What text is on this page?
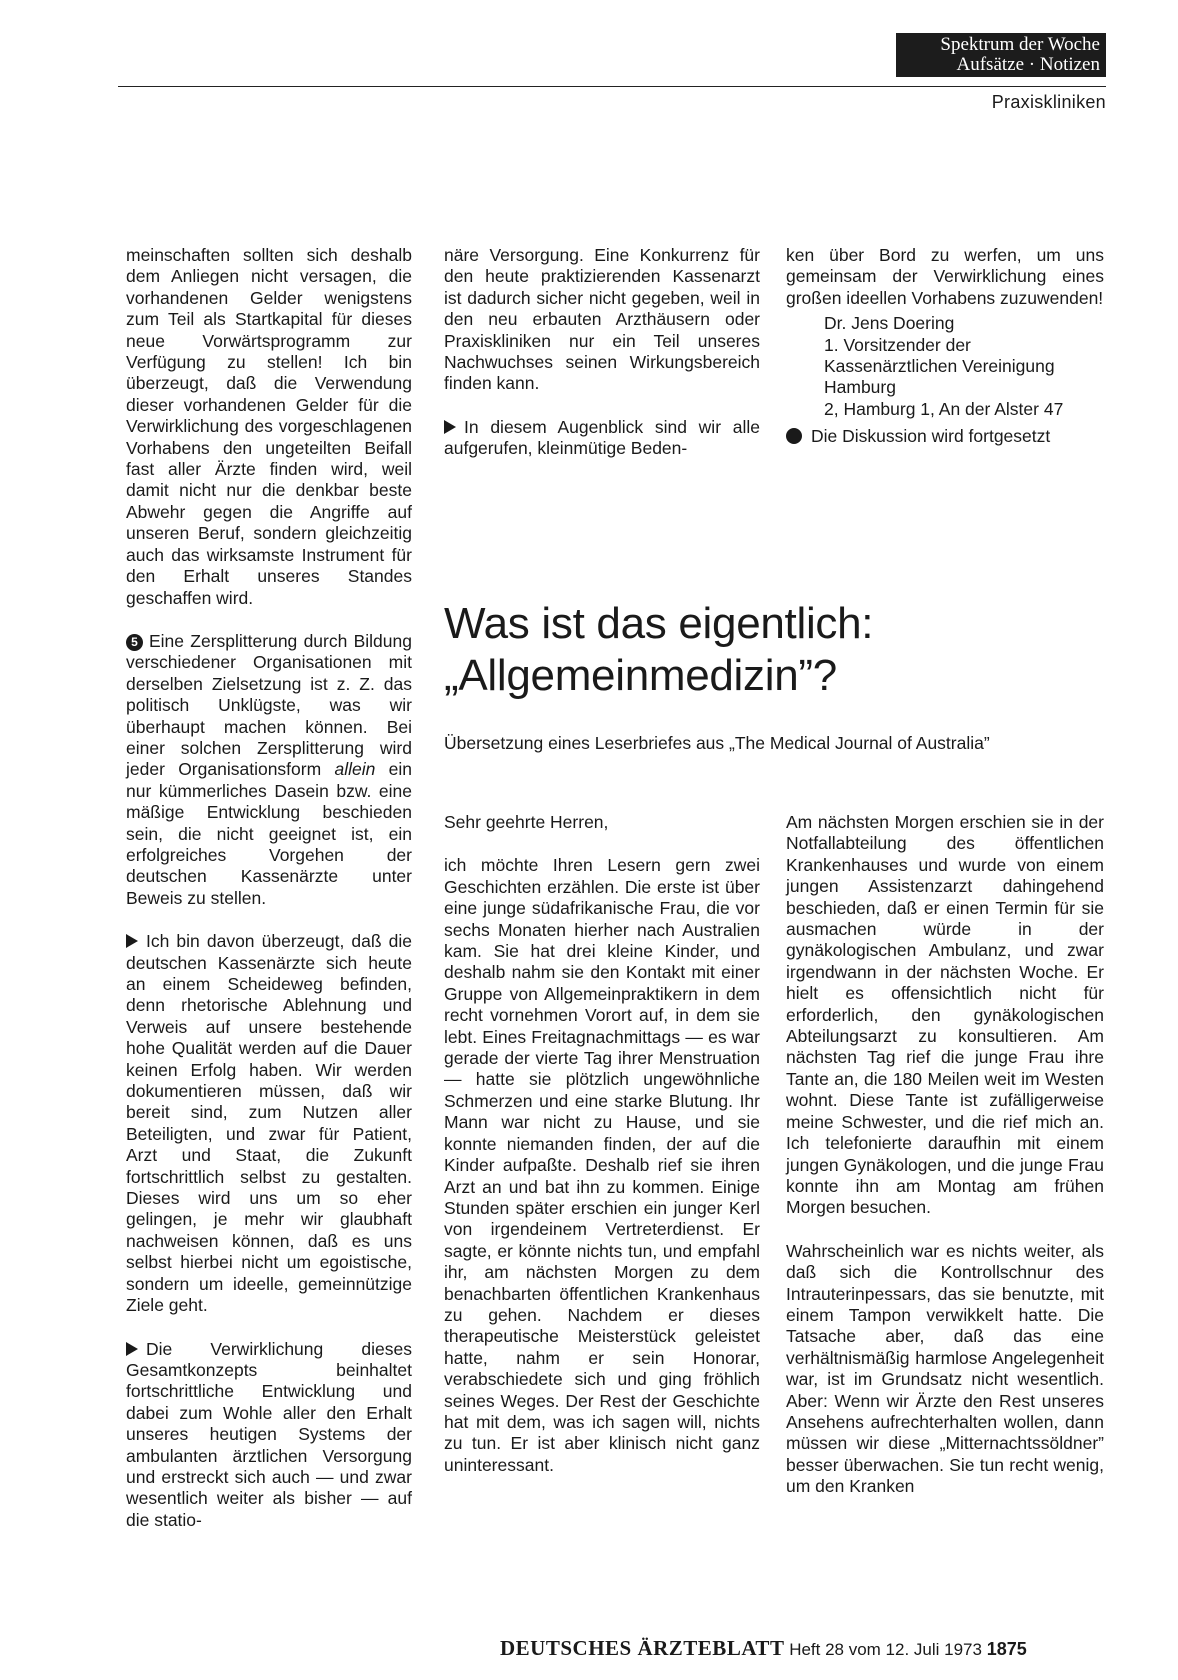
Spektrum der Woche
Aufsätze · Notizen
Praxiskliniken

meinschaften sollten sich deshalb dem Anliegen nicht versagen, die vorhandenen Gelder wenigstens zum Teil als Startkapital für dieses neue Vorwärtsprogramm zur Verfügung zu stellen! Ich bin überzeugt, daß die Verwendung dieser vorhandenen Gelder für die Verwirklichung des vorgeschlagenen Vorhabens den ungeteilten Beifall fast aller Ärzte finden wird, weil damit nicht nur die denkbar beste Abwehr gegen die Angriffe auf unseren Beruf, sondern gleichzeitig auch das wirksamste Instrument für den Erhalt unseres Standes geschaffen wird.

5 Eine Zersplitterung durch Bildung verschiedener Organisationen mit derselben Zielsetzung ist z. Z. das politisch Unklügste, was wir überhaupt machen können. Bei einer solchen Zersplitterung wird jeder Organisationsform allein ein nur kümmerliches Dasein bzw. eine mäßige Entwicklung beschieden sein, die nicht geeignet ist, ein erfolgreiches Vorgehen der deutschen Kassenärzte unter Beweis zu stellen.

Ich bin davon überzeugt, daß die deutschen Kassenärzte sich heute an einem Scheideweg befinden, denn rhetorische Ablehnung und Verweis auf unsere bestehende hohe Qualität werden auf die Dauer keinen Erfolg haben. Wir werden dokumentieren müssen, daß wir bereit sind, zum Nutzen aller Beteiligten, und zwar für Patient, Arzt und Staat, die Zukunft fortschrittlich selbst zu gestalten. Dieses wird uns um so eher gelingen, je mehr wir glaubhaft nachweisen können, daß es uns selbst hierbei nicht um egoistische, sondern um ideelle, gemeinnützige Ziele geht.

Die Verwirklichung dieses Gesamtkonzepts beinhaltet fortschrittliche Entwicklung und dabei zum Wohle aller den Erhalt unseres heutigen Systems der ambulanten ärztlichen Versorgung und erstreckt sich auch — und zwar wesentlich weiter als bisher — auf die statio-

näre Versorgung. Eine Konkurrenz für den heute praktizierenden Kassenarzt ist dadurch sicher nicht gegeben, weil in den neu erbauten Arzthäusern oder Praxiskliniken nur ein Teil unseres Nachwuchses seinen Wirkungsbereich finden kann.

In diesem Augenblick sind wir alle aufgerufen, kleinmütige Beden-

ken über Bord zu werfen, um uns gemeinsam der Verwirklichung eines großen ideellen Vorhabens zuzuwenden!

Dr. Jens Doering

1. Vorsitzender der

Kassenärztlichen Vereinigung

Hamburg

2, Hamburg 1, An der Alster 47

Die Diskussion wird fortgesetzt

Was ist das eigentlich:
„Allgemeinmedizin”?
Übersetzung eines Leserbriefes aus „The Medical Journal of Australia”

Sehr geehrte Herren,

ich möchte Ihren Lesern gern zwei Geschichten erzählen. Die erste ist über eine junge südafrikanische Frau, die vor sechs Monaten hierher nach Australien kam. Sie hat drei kleine Kinder, und deshalb nahm sie den Kontakt mit einer Gruppe von Allgemeinpraktikern in dem recht vornehmen Vorort auf, in dem sie lebt. Eines Freitagnachmittags — es war gerade der vierte Tag ihrer Menstruation — hatte sie plötzlich ungewöhnliche Schmerzen und eine starke Blutung. Ihr Mann war nicht zu Hause, und sie konnte niemanden finden, der auf die Kinder aufpaßte. Deshalb rief sie ihren Arzt an und bat ihn zu kommen. Einige Stunden später erschien ein junger Kerl von irgendeinem Vertreterdienst. Er sagte, er könnte nichts tun, und empfahl ihr, am nächsten Morgen zu dem benachbarten öffentlichen Krankenhaus zu gehen. Nachdem er dieses therapeutische Meisterstück geleistet hatte, nahm er sein Honorar, verabschiedete sich und ging fröhlich seines Weges. Der Rest der Geschichte hat mit dem, was ich sagen will, nichts zu tun. Er ist aber klinisch nicht ganz uninteressant.

Am nächsten Morgen erschien sie in der Notfallabteilung des öffentlichen Krankenhauses und wurde von einem jungen Assistenzarzt dahingehend beschieden, daß er einen Termin für sie ausmachen würde in der gynäkologischen Ambulanz, und zwar irgendwann in der nächsten Woche. Er hielt es offensichtlich nicht für erforderlich, den gynäkologischen Abteilungsarzt zu konsultieren. Am nächsten Tag rief die junge Frau ihre Tante an, die 180 Meilen weit im Westen wohnt. Diese Tante ist zufälligerweise meine Schwester, und die rief mich an. Ich telefonierte daraufhin mit einem jungen Gynäkologen, und die junge Frau konnte ihn am Montag am frühen Morgen besuchen.

Wahrscheinlich war es nichts weiter, als daß sich die Kontrollschnur des Intrauterinpessars, das sie benutzte, mit einem Tampon verwikkelt hatte. Die Tatsache aber, daß das eine verhältnismäßig harmlose Angelegenheit war, ist im Grundsatz nicht wesentlich. Aber: Wenn wir Ärzte den Rest unseres Ansehens aufrechterhalten wollen, dann müssen wir diese „Mitternachtssöldner” besser überwachen. Sie tun recht wenig, um den Kranken

DEUTSCHES ÄRZTEBLATT Heft 28 vom 12. Juli 1973 1875
